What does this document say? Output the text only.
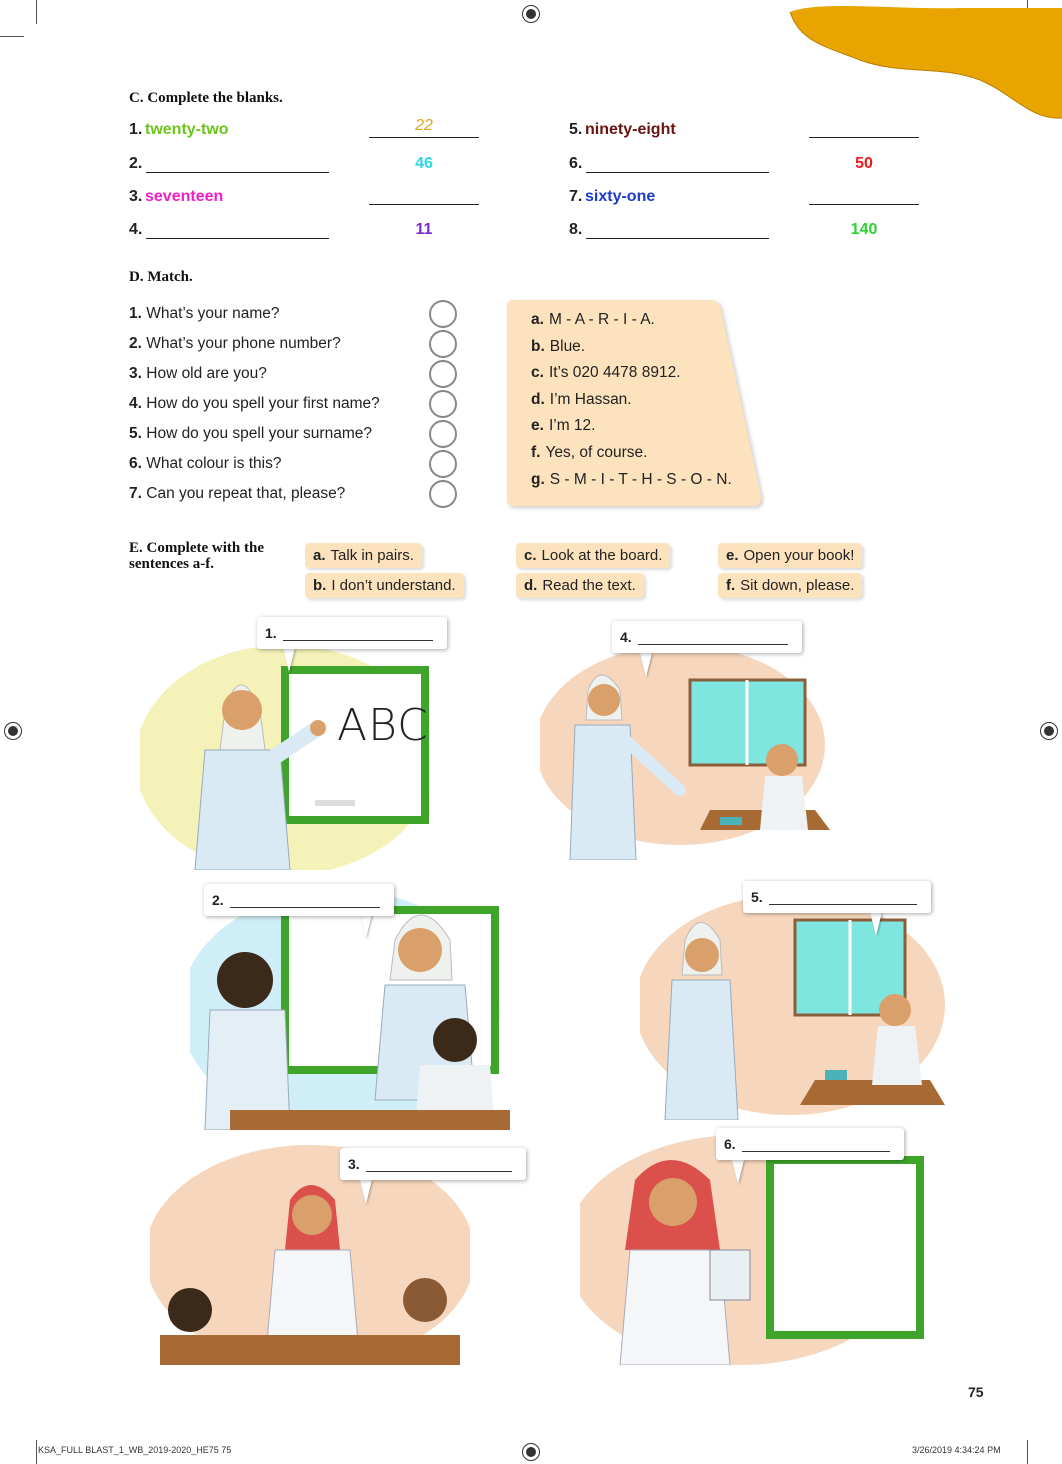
C. Complete the blanks.
1. twenty-two	22
2.	46
3. seventeen
4.	11
5. ninety-eight
6.	50
7. sixty-one
8.	140
D. Match.
1. What’s your name?
2. What’s your phone number?
3. How old are you?
4. How do you spell your first name?
5. How do you spell your surname?
6. What colour is this?
7. Can you repeat that, please?
a. M - A - R - I - A.
b. Blue.
c. It’s 020 4478 8912.
d. I’m Hassan.
e. I’m 12.
f. Yes, of course.
g. S - M - I - T - H - S - O - N.
E. Complete with the
sentences a-f.	a. Talk in pairs.
b. I don’t understand.
c. Look at the board.
d. Read the text.
e. Open your book!
f. Sit down, please.
ABC
1.
2.
3.
4.
5.
6.
75
KSA_FULL BLAST_1_WB_2019-2020_HE75 75	3/26/2019 4:34:24 PM
